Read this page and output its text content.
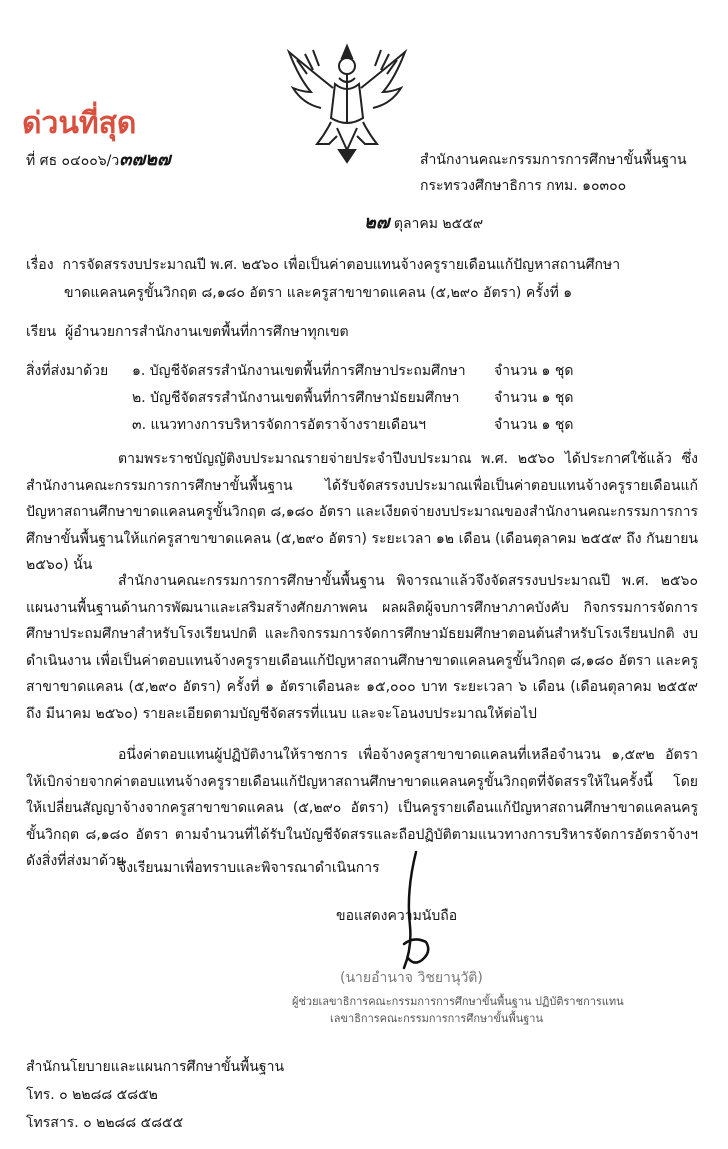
ด่วนที่สุด
ที่ ศธ ๐๔๐๐๖/ว๓๗๒๗	สำนักงานคณะกรรมการการศึกษาขั้นพื้นฐาน
กระทรวงศึกษาธิการ กทม. ๑๐๓๐๐
๒๗ ตุลาคม ๒๕๕๙
เรื่อง การจัดสรรงบประมาณปี พ.ศ. ๒๕๖๐ เพื่อเป็นค่าตอบแทนจ้างครูรายเดือนแก้ปัญหาสถานศึกษา
ขาดแคลนครูขั้นวิกฤต ๘,๑๘๐ อัตรา และครูสาขาขาดแคลน (๕,๒๙๐ อัตรา) ครั้งที่ ๑
เรียน ผู้อำนวยการสำนักงานเขตพื้นที่การศึกษาทุกเขต
สิ่งที่ส่งมาด้วย ๑. บัญชีจัดสรรสำนักงานเขตพื้นที่การศึกษาประถมศึกษา จำนวน ๑ ชุด
๒. บัญชีจัดสรรสำนักงานเขตพื้นที่การศึกษามัธยมศึกษา จำนวน ๑ ชุด
๓. แนวทางการบริหารจัดการอัตราจ้างรายเดือนฯ	จำนวน ๑ ชุด
ตามพระราชบัญญัติงบประมาณรายจ่ายประจำปีงบประมาณ พ.ศ. ๒๕๖๐ ได้ประกาศใช้แล้ว ซึ่งสำนักงานคณะกรรมการการศึกษาขั้นพื้นฐาน ได้รับจัดสรรงบประมาณเพื่อเป็นค่าตอบแทนจ้างครูรายเดือนแก้ปัญหาสถานศึกษาขาดแคลนครูขั้นวิกฤต ๘,๑๘๐ อัตรา และเงียดจ่ายงบประมาณของสำนักงานคณะกรรมการการศึกษาขั้นพื้นฐานให้แก่ครูสาขาขาดแคลน (๕,๒๙๐ อัตรา) ระยะเวลา ๑๒ เดือน (เดือนตุลาคม ๒๕๕๙ ถึง กันยายน ๒๕๖๐) นั้น
สำนักงานคณะกรรมการการศึกษาขั้นพื้นฐาน พิจารณาแล้วจึงจัดสรรงบประมาณปี พ.ศ. ๒๕๖๐ แผนงานพื้นฐานด้านการพัฒนาและเสริมสร้างศักยภาพคน ผลผลิตผู้จบการศึกษาภาคบังคับ กิจกรรมการจัดการศึกษาประถมศึกษาสำหรับโรงเรียนปกติ และกิจกรรมการจัดการศึกษามัธยมศึกษาตอนต้นสำหรับโรงเรียนปกติ งบดำเนินงาน เพื่อเป็นค่าตอบแทนจ้างครูรายเดือนแก้ปัญหาสถานศึกษาขาดแคลนครูขั้นวิกฤต ๘,๑๘๐ อัตรา และครูสาขาขาดแคลน (๕,๒๙๐ อัตรา) ครั้งที่ ๑ อัตราเดือนละ ๑๕,๐๐๐ บาท ระยะเวลา ๖ เดือน (เดือนตุลาคม ๒๕๕๙ ถึง มีนาคม ๒๕๖๐) รายละเอียดตามบัญชีจัดสรรที่แนบ และจะโอนงบประมาณให้ต่อไป
อนึ่งค่าตอบแทนผู้ปฏิบัติงานให้ราชการ เพื่อจ้างครูสาขาขาดแคลนที่เหลือจำนวน ๑,๕๙๒ อัตรา ให้เบิกจ่ายจากค่าตอบแทนจ้างครูรายเดือนแก้ปัญหาสถานศึกษาขาดแคลนครูขั้นวิกฤตที่จัดสรรให้ในครั้งนี้ โดยให้เปลี่ยนสัญญาจ้างจากครูสาขาขาดแคลน (๕,๒๙๐ อัตรา) เป็นครูรายเดือนแก้ปัญหาสถานศึกษาขาดแคลนครูขั้นวิกฤต ๘,๑๘๐ อัตรา ตามจำนวนที่ได้รับในบัญชีจัดสรรและถือปฏิบัติตามแนวทางการบริหารจัดการอัตราจ้างฯ ดังสิ่งที่ส่งมาด้วย
จึงเรียนมาเพื่อทราบและพิจารณาดำเนินการ
ขอแสดงความนับถือ
(นายอำนาจ วิชยานุวัติ)
ผู้ช่วยเลขาธิการคณะกรรมการการศึกษาขั้นพื้นฐาน ปฏิบัติราชการแทน
เลขาธิการคณะกรรมการการศึกษาขั้นพื้นฐาน
สำนักนโยบายและแผนการศึกษาขั้นพื้นฐาน
โทร. ๐ ๒๒๘๘ ๕๘๕๒
โทรสาร. ๐ ๒๒๘๘ ๕๘๕๕
